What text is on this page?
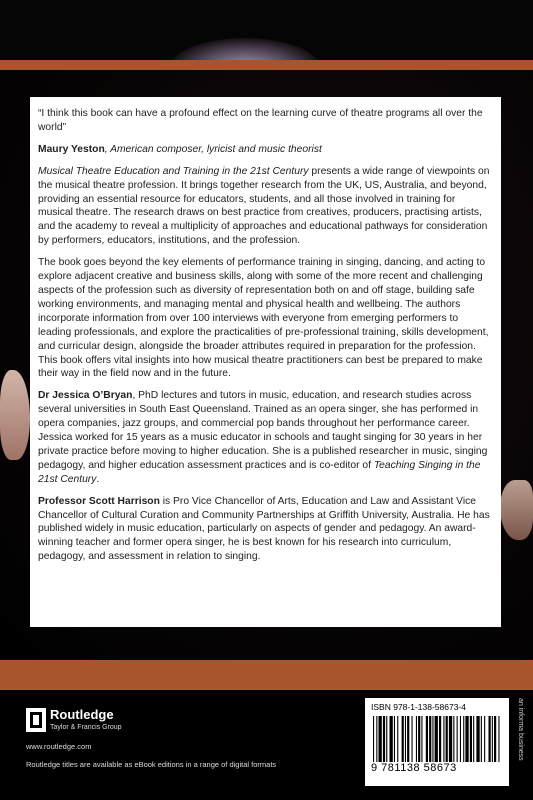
“I think this book can have a profound effect on the learning curve of theatre programs all over the world”

Maury Yeston, American composer, lyricist and music theorist

Musical Theatre Education and Training in the 21st Century presents a wide range of viewpoints on the musical theatre profession. It brings together research from the UK, US, Australia, and beyond, providing an essential resource for educators, students, and all those involved in training for musical theatre. The research draws on best practice from creatives, producers, practising artists, and the academy to reveal a multiplicity of approaches and educational pathways for consideration by performers, educators, institutions, and the profession.

The book goes beyond the key elements of performance training in singing, dancing, and acting to explore adjacent creative and business skills, along with some of the more recent and challenging aspects of the profession such as diversity of representation both on and off stage, building safe working environments, and managing mental and physical health and wellbeing. The authors incorporate information from over 100 interviews with everyone from emerging performers to leading professionals, and explore the practicalities of pre-professional training, skills development, and curricular design, alongside the broader attributes required in preparation for the profession. This book offers vital insights into how musical theatre practitioners can best be prepared to make their way in the field now and in the future.

Dr Jessica O’Bryan, PhD lectures and tutors in music, education, and research studies across several universities in South East Queensland. Trained as an opera singer, she has performed in opera companies, jazz groups, and commercial pop bands throughout her performance career. Jessica worked for 15 years as a music educator in schools and taught singing for 30 years in her private practice before moving to higher education. She is a published researcher in music, singing pedagogy, and higher education assessment practices and is co-editor of Teaching Singing in the 21st Century.

Professor Scott Harrison is Pro Vice Chancellor of Arts, Education and Law and Assistant Vice Chancellor of Cultural Curation and Community Partnerships at Griffith University, Australia. He has published widely in music education, particularly on aspects of gender and pedagogy. An award-winning teacher and former opera singer, he is best known for his research into curriculum, pedagogy, and assessment in relation to singing.

Routledge
Taylor & Francis Group
www.routledge.com
Routledge titles are available as eBook editions in a range of digital formats
ISBN 978-1-138-58673-4
9 781138 58673
an informa business
